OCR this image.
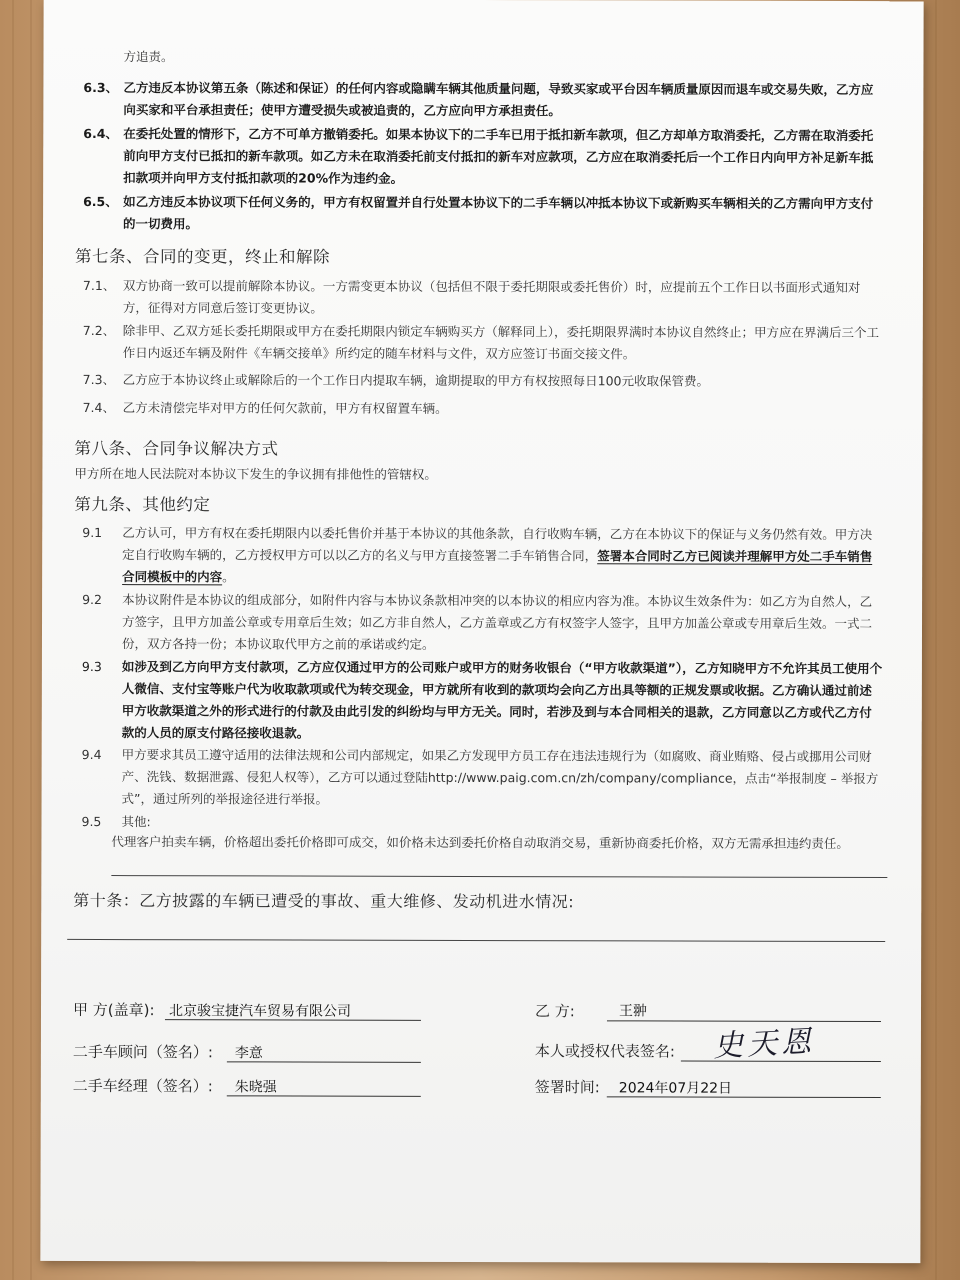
方追责。
6.3、 乙方违反本协议第五条（陈述和保证）的任何内容或隐瞒车辆其他质量问题，导致买家或平台因车辆质量原因而退车或交易失败，乙方应向买家和平台承担责任；使甲方遭受损失或被追责的，乙方应向甲方承担责任。
6.4、 在委托处置的情形下，乙方不可单方撤销委托。如果本协议下的二手车已用于抵扣新车款项，但乙方却单方取消委托，乙方需在取消委托前向甲方支付已抵扣的新车款项。如乙方未在取消委托前支付抵扣的新车对应款项，乙方应在取消委托后一个工作日内向甲方补足新车抵扣款项并向甲方支付抵扣款项的20%作为违约金。
6.5、 如乙方违反本协议项下任何义务的，甲方有权留置并自行处置本协议下的二手车辆以冲抵本协议下或新购买车辆相关的乙方需向甲方支付的一切费用。
第七条、合同的变更，终止和解除
7.1、 双方协商一致可以提前解除本协议。一方需变更本协议（包括但不限于委托期限或委托售价）时，应提前五个工作日以书面形式通知对方，征得对方同意后签订变更协议。
7.2、 除非甲、乙双方延长委托期限或甲方在委托期限内锁定车辆购买方（解释同上），委托期限界满时本协议自然终止；甲方应在界满后三个工作日内返还车辆及附件《车辆交接单》所约定的随车材料与文件，双方应签订书面交接文件。
7.3、 乙方应于本协议终止或解除后的一个工作日内提取车辆，逾期提取的甲方有权按照每日100元收取保管费。
7.4、 乙方未清偿完毕对甲方的任何欠款前，甲方有权留置车辆。
第八条、合同争议解决方式
甲方所在地人民法院对本协议下发生的争议拥有排他性的管辖权。
第九条、其他约定
9.1	乙方认可，甲方有权在委托期限内以委托售价并基于本协议的其他条款，自行收购车辆，乙方在本协议下的保证与义务仍然有效。甲方决定自行收购车辆的，乙方授权甲方可以以乙方的名义与甲方直接签署二手车销售合同，签署本合同时乙方已阅读并理解甲方处二手车销售合同模板中的内容。
9.2	本协议附件是本协议的组成部分，如附件内容与本协议条款相冲突的以本协议的相应内容为准。本协议生效条件为：如乙方为自然人，乙方签字，且甲方加盖公章或专用章后生效；如乙方非自然人，乙方盖章或乙方有权签字人签字，且甲方加盖公章或专用章后生效。一式二份，双方各持一份；本协议取代甲方之前的承诺或约定。
9.3	如涉及到乙方向甲方支付款项，乙方应仅通过甲方的公司账户或甲方的财务收银台（“甲方收款渠道”），乙方知晓甲方不允许其员工使用个人微信、支付宝等账户代为收取款项或代为转交现金，甲方就所有收到的款项均会向乙方出具等额的正规发票或收据。乙方确认通过前述甲方收款渠道之外的形式进行的付款及由此引发的纠纷均与甲方无关。同时，若涉及到与本合同相关的退款，乙方同意以乙方或代乙方付款的人员的原支付路径接收退款。
9.4	甲方要求其员工遵守适用的法律法规和公司内部规定，如果乙方发现甲方员工存在违法违规行为（如腐败、商业贿赂、侵占或挪用公司财产、洗钱、数据泄露、侵犯人权等），乙方可以通过登陆http://www.paig.com.cn/zh/company/compliance，点击“举报制度 – 举报方式”，通过所列的举报途径进行举报。
9.5	其他:
代理客户拍卖车辆，价格超出委托价格即可成交，如价格未达到委托价格自动取消交易，重新协商委托价格，双方无需承担违约责任。
第十条：乙方披露的车辆已遭受的事故、重大维修、发动机进水情况:
甲 方(盖章): 北京骏宝捷汽车贸易有限公司
二手车顾问（签名）: 李意
二手车经理（签名）: 朱晓强
乙 方:	王翀
本人或授权代表签名: 史天恩
签署时间: 2024年07月22日
